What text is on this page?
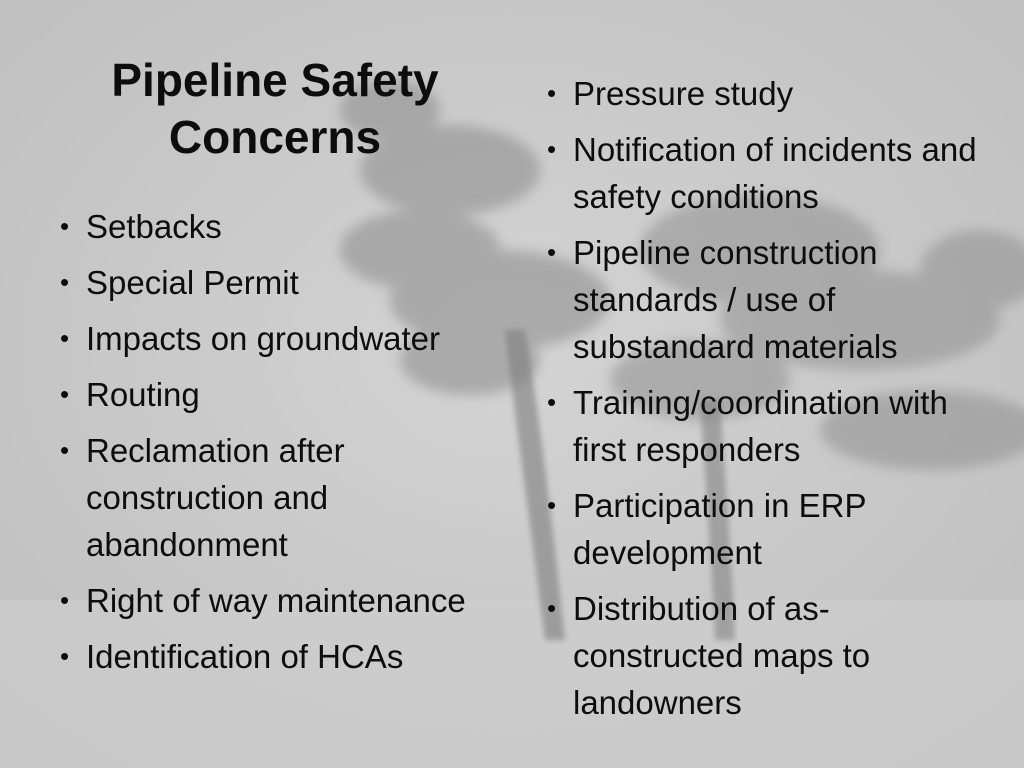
Pipeline Safety Concerns
• Setbacks
• Special Permit
• Impacts on groundwater
• Routing
• Reclamation after construction and abandonment
• Right of way maintenance
• Identification of HCAs
• Pressure study
• Notification of incidents and safety conditions
• Pipeline construction standards / use of substandard materials
• Training/coordination with first responders
• Participation in ERP development
• Distribution of as-constructed maps to landowners
